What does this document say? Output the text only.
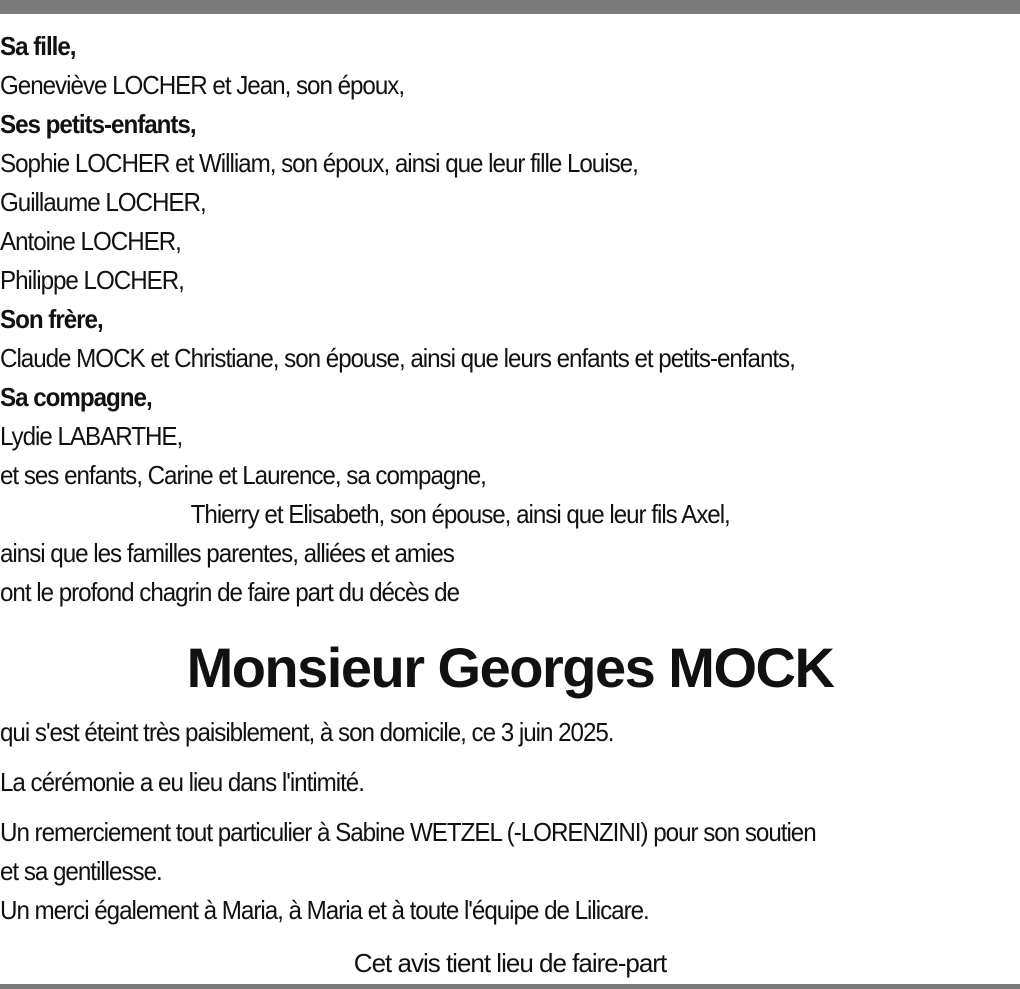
Sa fille,
Geneviève LOCHER et Jean, son époux,
Ses petits-enfants,
Sophie LOCHER et William, son époux, ainsi que leur fille Louise,
Guillaume LOCHER,
Antoine LOCHER,
Philippe LOCHER,
Son frère,
Claude MOCK et Christiane, son épouse, ainsi que leurs enfants et petits-enfants,
Sa compagne,
Lydie LABARTHE,
et ses enfants, Carine et Laurence, sa compagne,
Thierry et Elisabeth, son épouse, ainsi que leur fils Axel,
ainsi que les familles parentes, alliées et amies
ont le profond chagrin de faire part du décès de
Monsieur Georges MOCK
qui s'est éteint très paisiblement, à son domicile, ce 3 juin 2025.
La cérémonie a eu lieu dans l'intimité.
Un remerciement tout particulier à Sabine WETZEL (-LORENZINI) pour son soutien
et sa gentillesse.
Un merci également à Maria, à Maria et à toute l'équipe de Lilicare.
Cet avis tient lieu de faire-part
